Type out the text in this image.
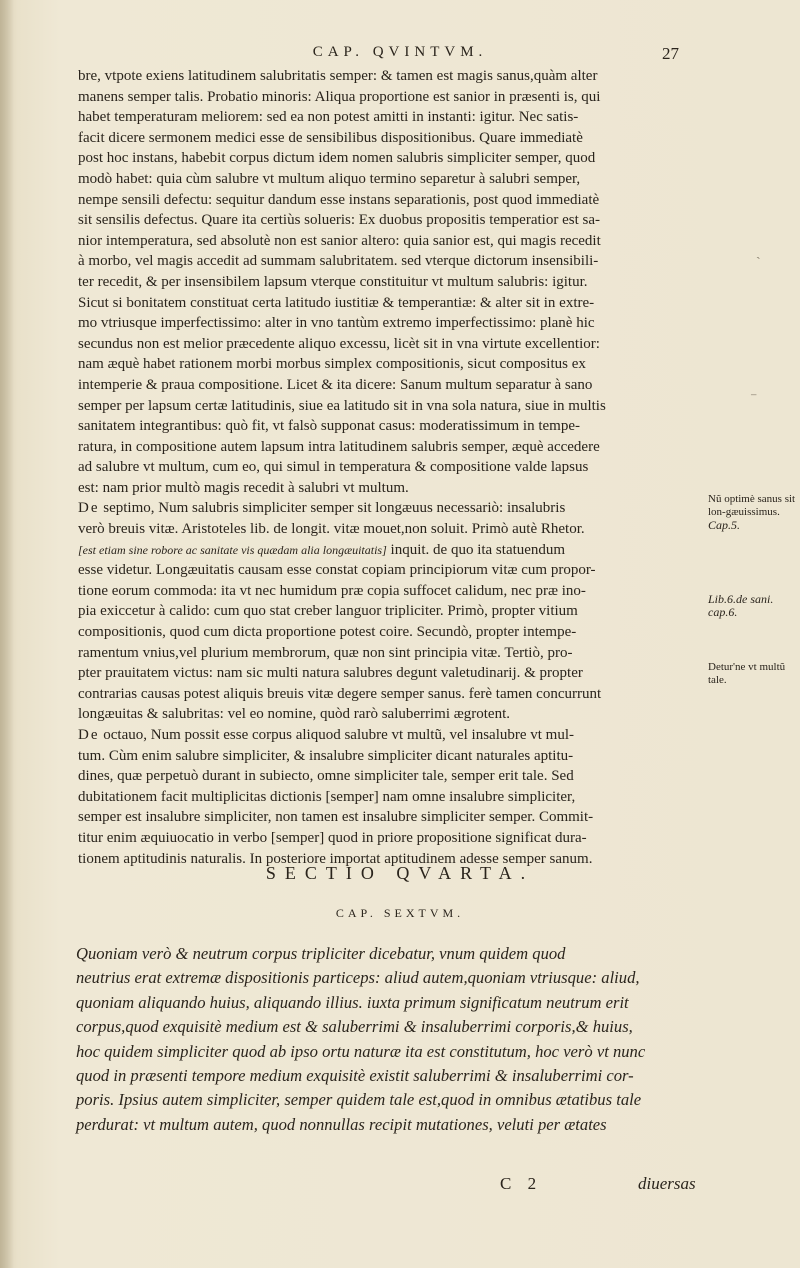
CAP. QVINTVM.	27

bre, vtpote exiens latitudinem salubritatis semper: & tamen est magis sanus,quàm alter

manens semper talis. Probatio minoris: Aliqua proportione est sanior in præsenti is, qui

habet temperaturam meliorem: sed ea non potest amitti in instanti: igitur. Nec satis-

facit dicere sermonem medici esse de sensibilibus dispositionibus. Quare immediatè

post hoc instans, habebit corpus dictum idem nomen salubris simpliciter semper, quod

modò habet: quia cùm salubre vt multum aliquo termino separetur à salubri semper,

nempe sensili defectu: sequitur dandum esse instans separationis, post quod immediatè

sit sensilis defectus. Quare ita certiùs solueris: Ex duobus propositis temperatior est sa-

nior intemperatura, sed absolutè non est sanior altero: quia sanior est, qui magis recedit

à morbo, vel magis accedit ad summam salubritatem. sed vterque dictorum insensibili-

ter recedit, & per insensibilem lapsum vterque constituitur vt multum salubris: igitur.

Sicut si bonitatem constituat certa latitudo iustitiæ & temperantiæ: & alter sit in extre-

mo vtriusque imperfectissimo: alter in vno tantùm extremo imperfectissimo: planè hic

secundus non est melior præcedente aliquo excessu, licèt sit in vna virtute excellentior:

nam æquè habet rationem morbi morbus simplex compositionis, sicut compositus ex

intemperie & praua compositione. Licet & ita dicere: Sanum multum separatur à sano

semper per lapsum certæ latitudinis, siue ea latitudo sit in vna sola natura, siue in multis

sanitatem integrantibus: quò fit, vt falsò supponat casus: moderatissimum in tempe-

ratura, in compositione autem lapsum intra latitudinem salubris semper, æquè accedere

ad salubre vt multum, cum eo, qui simul in temperatura & compositione valde lapsus

est: nam prior multò magis recedit à salubri vt multum.

De septimo, Num salubris simpliciter semper sit longæuus necessariò: insalubris

verò breuis vitæ. Aristoteles lib. de longit. vitæ mouet,non soluit. Primò autè Rhetor.

[est etiam sine robore ac sanitate vis quædam alia longæuitatis] inquit. de quo ita statuendum

esse videtur. Longæuitatis causam esse constat copiam principiorum vitæ cum propor-

tione eorum commoda: ita vt nec humidum præ copia suffocet calidum, nec præ ino-

pia exiccetur à calido: cum quo stat creber languor tripliciter. Primò, propter vitium

compositionis, quod cum dicta proportione potest coire. Secundò, propter intempe-

ramentum vnius,vel plurium membrorum, quæ non sint principia vitæ. Tertiò, pro-

pter prauitatem victus: nam sic multi natura salubres degunt valetudinarij. & propter

contrarias causas potest aliquis breuis vitæ degere semper sanus. ferè tamen concurrunt

longæuitas & salubritas: vel eo nomine, quòd rarò saluberrimi ægrotent.

De octauo, Num possit esse corpus aliquod salubre vt multũ, vel insalubre vt mul-

tum. Cùm enim salubre simpliciter, & insalubre simpliciter dicant naturales aptitu-

dines, quæ perpetuò durant in subiecto, omne simpliciter tale, semper erit tale. Sed

dubitationem facit multiplicitas dictionis [semper] nam omne insalubre simpliciter,

semper est insalubre simpliciter, non tamen est insalubre simpliciter semper. Commit-

titur enim æquiuocatio in verbo [semper] quod in priore propositione significat dura-

tionem aptitudinis naturalis. In posteriore importat aptitudinem adesse semper sanum.

Nũ optimè sanus sit lon-gæuissimus.
Cap.5.
Lib.6.de sani. cap.6.
Detur'ne vt multũ tale.
ˎ
⁻
SECTIO QVARTA.
CAP. SEXTVM.
Quoniam verò & neutrum corpus tripliciter dicebatur, vnum quidem quod
neutrius erat extremæ dispositionis particeps: aliud autem,quoniam vtriusque: aliud,
quoniam aliquando huius, aliquando illius. iuxta primum significatum neutrum erit
corpus,quod exquisitè medium est & saluberrimi & insaluberrimi corporis,& huius,
hoc quidem simpliciter quod ab ipso ortu naturæ ita est constitutum, hoc verò vt nunc
quod in præsenti tempore medium exquisitè existit saluberrimi & insaluberrimi cor-
poris. Ipsius autem simpliciter, semper quidem tale est,quod in omnibus ætatibus tale
perdurat: vt multum autem, quod nonnullas recipit mutationes, veluti per ætates
C 2	diuersas
